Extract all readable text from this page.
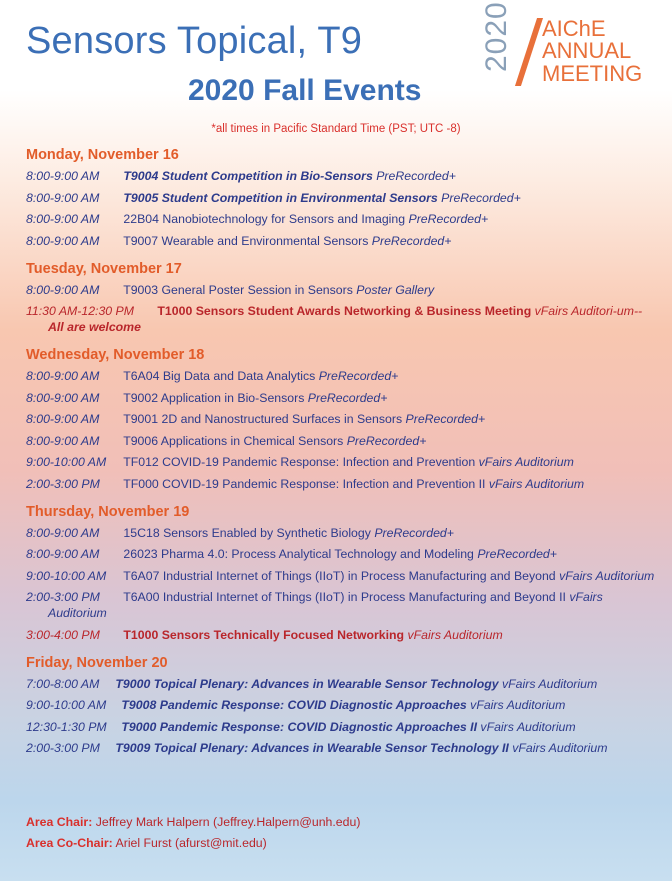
Sensors Topical, T9
2020 Fall Events
2020 AIChE
ANNUAL
MEETING
*all times in Pacific Standard Time (PST; UTC -8)
Monday, November 16
8:00-9:00 AM T9004 Student Competition in Bio-Sensors PreRecorded+
8:00-9:00 AM T9005 Student Competition in Environmental Sensors PreRecorded+
8:00-9:00 AM 22B04 Nanobiotechnology for Sensors and Imaging PreRecorded+
8:00-9:00 AM T9007 Wearable and Environmental Sensors PreRecorded+
Tuesday, November 17
8:00-9:00 AM T9003 General Poster Session in Sensors Poster Gallery
11:30 AM-12:30 PM T1000 Sensors Student Awards Networking & Business Meeting vFairs Auditori-um--All are welcome
Wednesday, November 18
8:00-9:00 AM T6A04 Big Data and Data Analytics PreRecorded+
8:00-9:00 AM T9002 Application in Bio-Sensors PreRecorded+
8:00-9:00 AM T9001 2D and Nanostructured Surfaces in Sensors PreRecorded+
8:00-9:00 AM T9006 Applications in Chemical Sensors PreRecorded+
9:00-10:00 AM TF012 COVID-19 Pandemic Response: Infection and Prevention vFairs Auditorium
2:00-3:00 PM TF000 COVID-19 Pandemic Response: Infection and Prevention II vFairs Auditorium
Thursday, November 19
8:00-9:00 AM 15C18 Sensors Enabled by Synthetic Biology PreRecorded+
8:00-9:00 AM 26023 Pharma 4.0: Process Analytical Technology and Modeling PreRecorded+
9:00-10:00 AM T6A07 Industrial Internet of Things (IIoT) in Process Manufacturing and Beyond vFairs Auditorium
2:00-3:00 PM T6A00 Industrial Internet of Things (IIoT) in Process Manufacturing and Beyond II vFairs Auditorium
3:00-4:00 PM T1000 Sensors Technically Focused Networking vFairs Auditorium
Friday, November 20
7:00-8:00 AM T9000 Topical Plenary: Advances in Wearable Sensor Technology vFairs Auditorium
9:00-10:00 AM T9008 Pandemic Response: COVID Diagnostic Approaches vFairs Auditorium
12:30-1:30 PM T9000 Pandemic Response: COVID Diagnostic Approaches II vFairs Auditorium
2:00-3:00 PM T9009 Topical Plenary: Advances in Wearable Sensor Technology II vFairs Auditorium
Area Chair: Jeffrey Mark Halpern (Jeffrey.Halpern@unh.edu)
Area Co-Chair: Ariel Furst (afurst@mit.edu)
